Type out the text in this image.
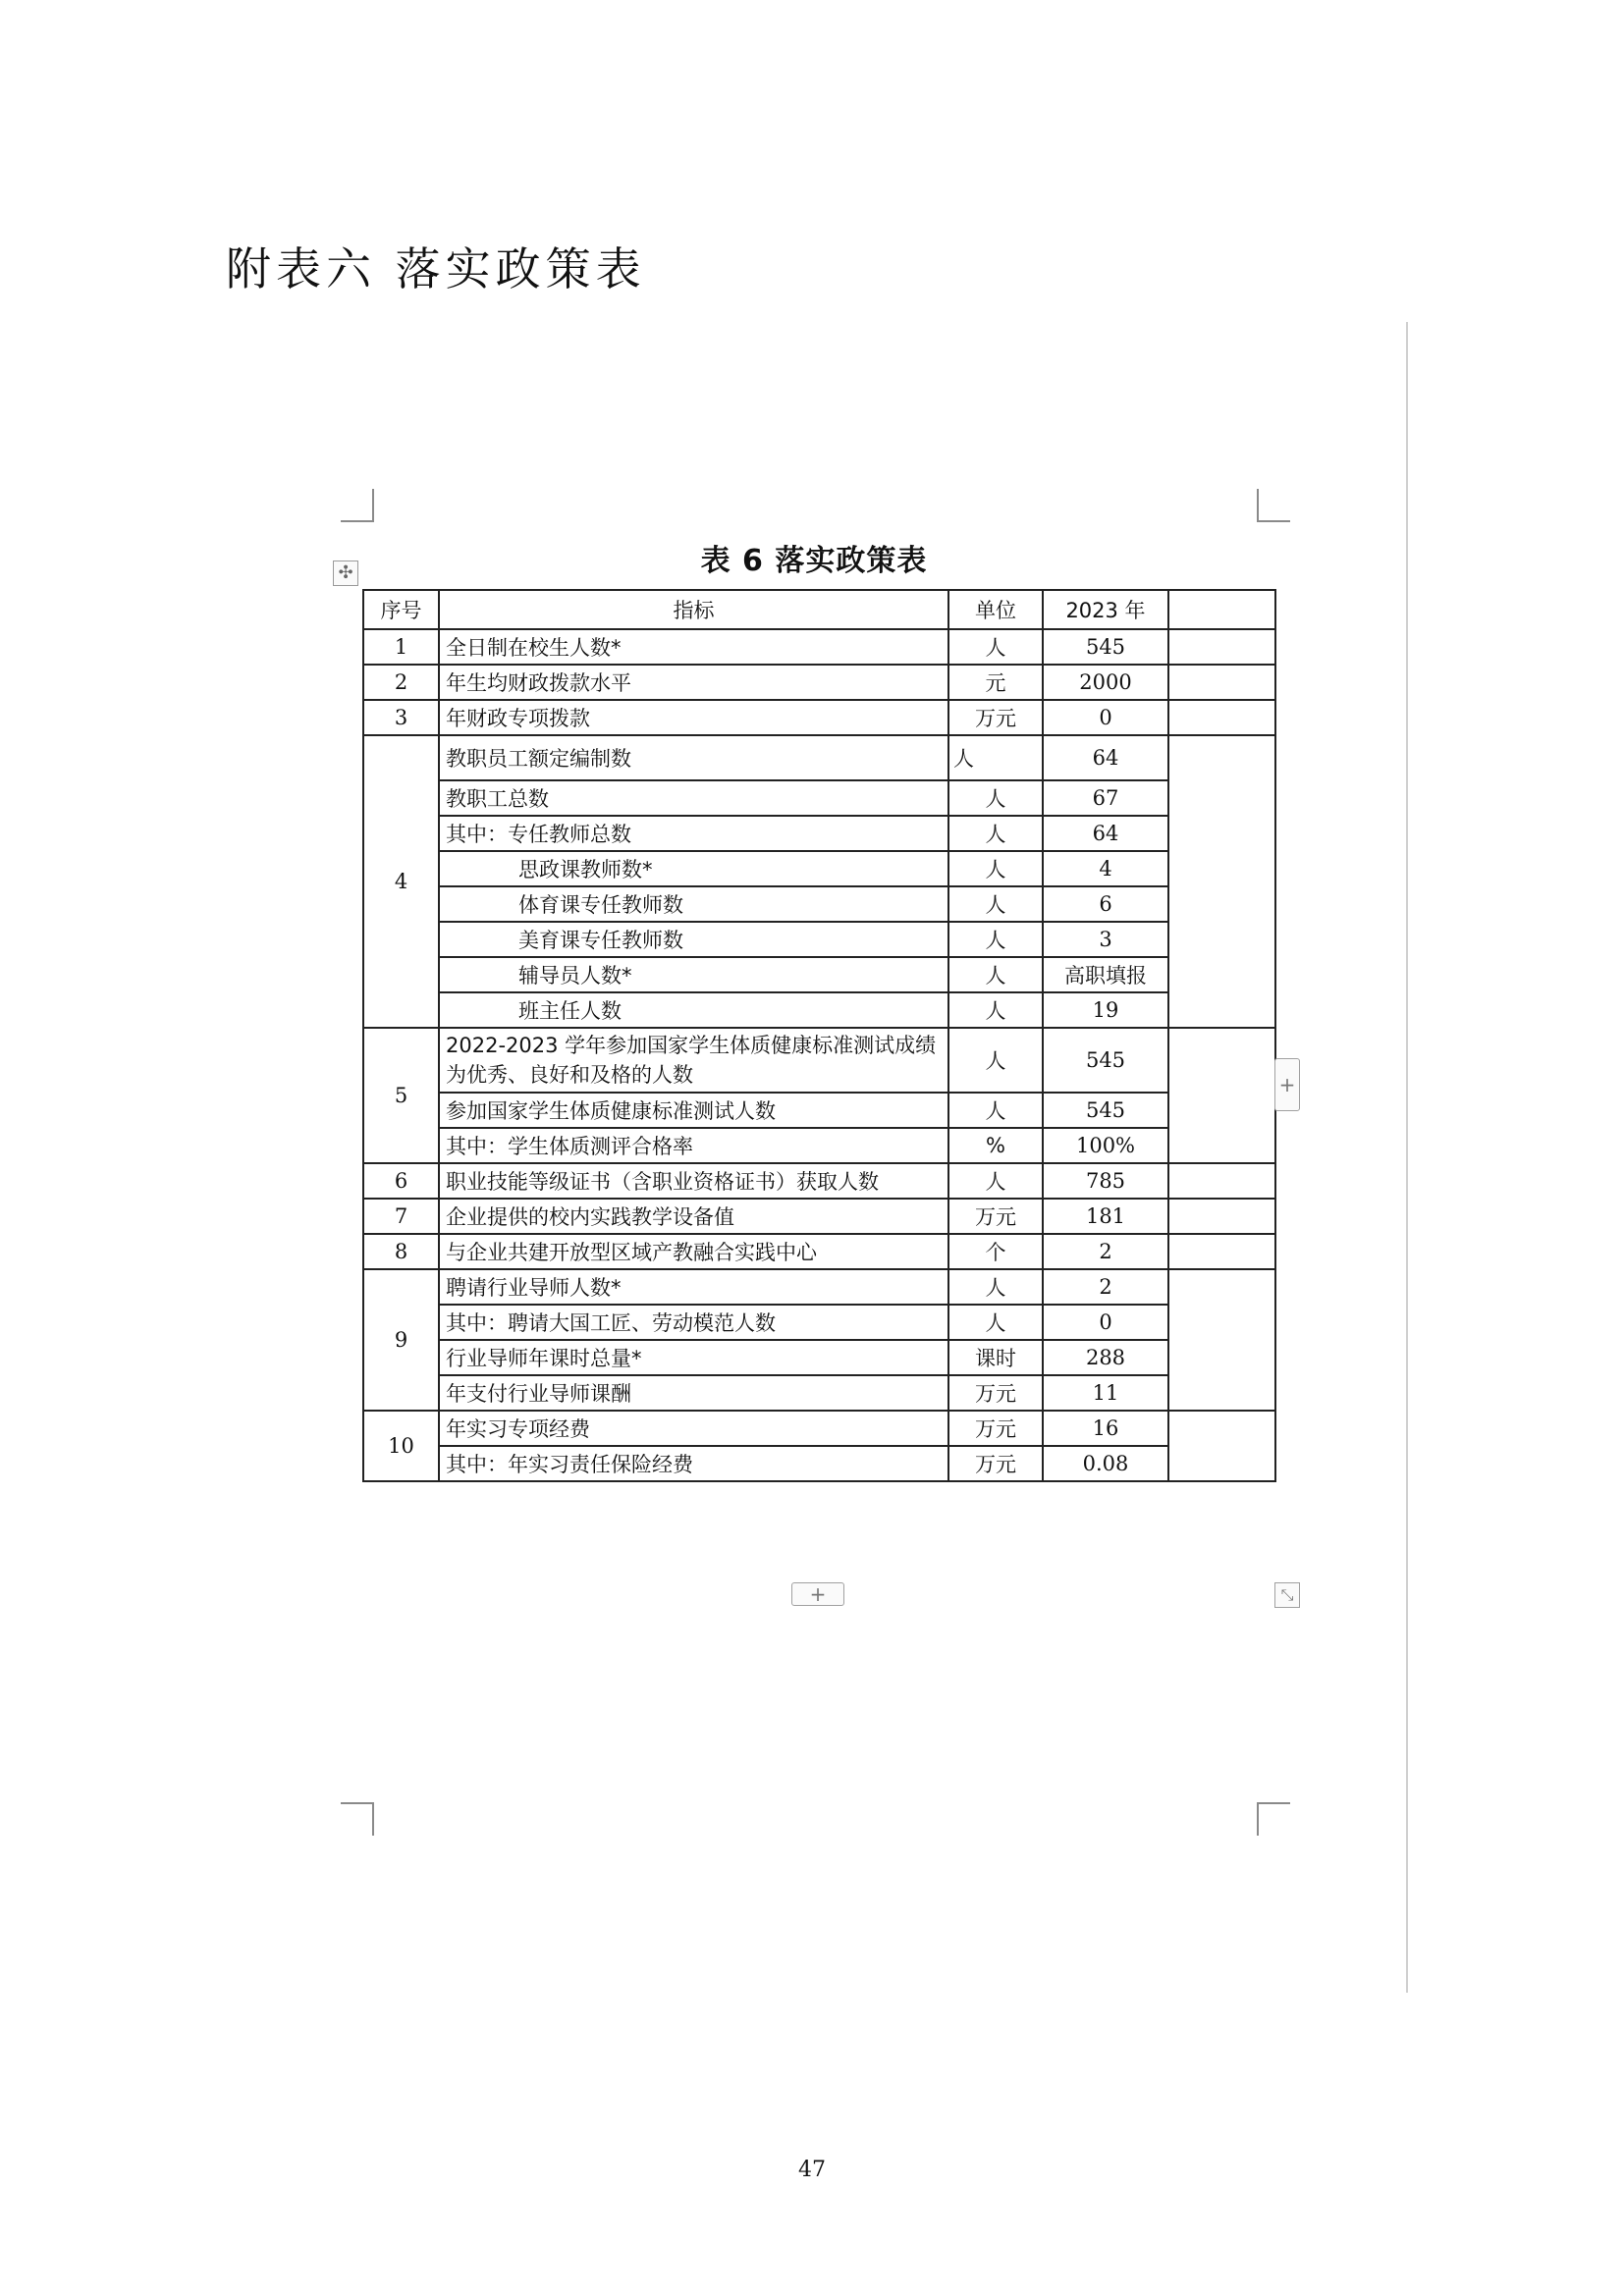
附表六 落实政策表
✣	表 6 落实政策表
序号	指标	单位	2023 年	
1	全日制在校生人数*	人	545	
2	年生均财政拨款水平	元	2000	
3	年财政专项拨款	万元	0	
4	教职员工额定编制数	人	64	
	教职工总数	人	67	
	其中：专任教师总数	人	64	
	思政课教师数*	人	4	
	体育课专任教师数	人	6	
	美育课专任教师数	人	3	
	辅导员人数*	人	高职填报	
	班主任人数	人	19	
5	2022-2023 学年参加国家学生体质健康标准测试成绩为优秀、良好和及格的人数	人	545	
	参加国家学生体质健康标准测试人数	人	545	
	其中：学生体质测评合格率	%	100%	
6	职业技能等级证书（含职业资格证书）获取人数	人	785	
7	企业提供的校内实践教学设备值	万元	181	
8	与企业共建开放型区域产教融合实践中心	个	2	
9	聘请行业导师人数*	人	2	
	其中：聘请大国工匠、劳动模范人数	人	0	
	行业导师年课时总量*	课时	288	
	年支付行业导师课酬	万元	11	
10	年实习专项经费	万元	16	
	其中：年实习责任保险经费	万元	0.08	
+
+	⤡
47
